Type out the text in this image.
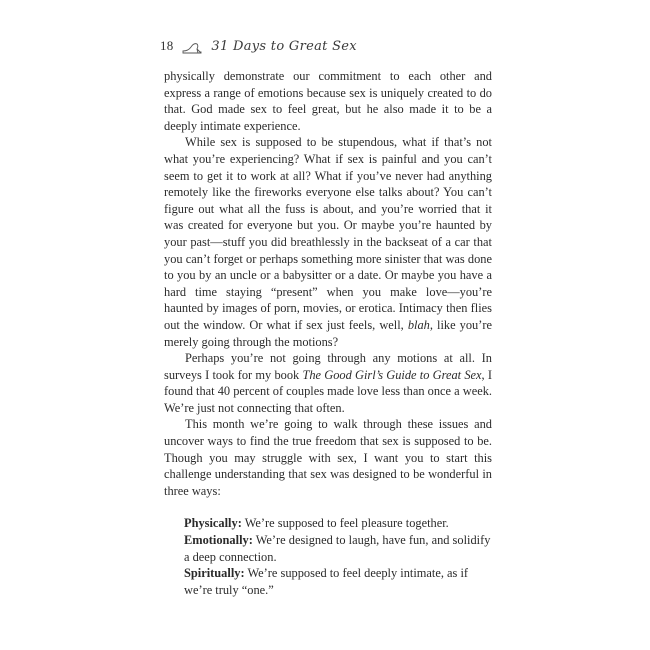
18	31 Days to Great Sex

physically demonstrate our commitment to each other and express a range of emotions because sex is uniquely created to do that. God made sex to feel great, but he also made it to be a deeply intimate experience.

While sex is supposed to be stupendous, what if that’s not what you’re experiencing? What if sex is painful and you can’t seem to get it to work at all? What if you’ve never had anything remotely like the fireworks everyone else talks about? You can’t figure out what all the fuss is about, and you’re worried that it was created for everyone but you. Or maybe you’re haunted by your past—stuff you did breathlessly in the backseat of a car that you can’t forget or perhaps something more sinister that was done to you by an uncle or a babysitter or a date. Or maybe you have a hard time staying “present” when you make love—you’re haunted by images of porn, movies, or erotica. Intimacy then flies out the window. Or what if sex just feels, well, blah, like you’re merely going through the motions?

Perhaps you’re not going through any motions at all. In surveys I took for my book The Good Girl’s Guide to Great Sex, I found that 40 percent of couples made love less than once a week. We’re just not connecting that often.

This month we’re going to walk through these issues and uncover ways to find the true freedom that sex is supposed to be. Though you may struggle with sex, I want you to start this challenge understanding that sex was designed to be wonderful in three ways:

Physically: We’re supposed to feel pleasure together.

Emotionally: We’re designed to laugh, have fun, and solidify a deep connection.

Spiritually: We’re supposed to feel deeply intimate, as if we’re truly “one.”
